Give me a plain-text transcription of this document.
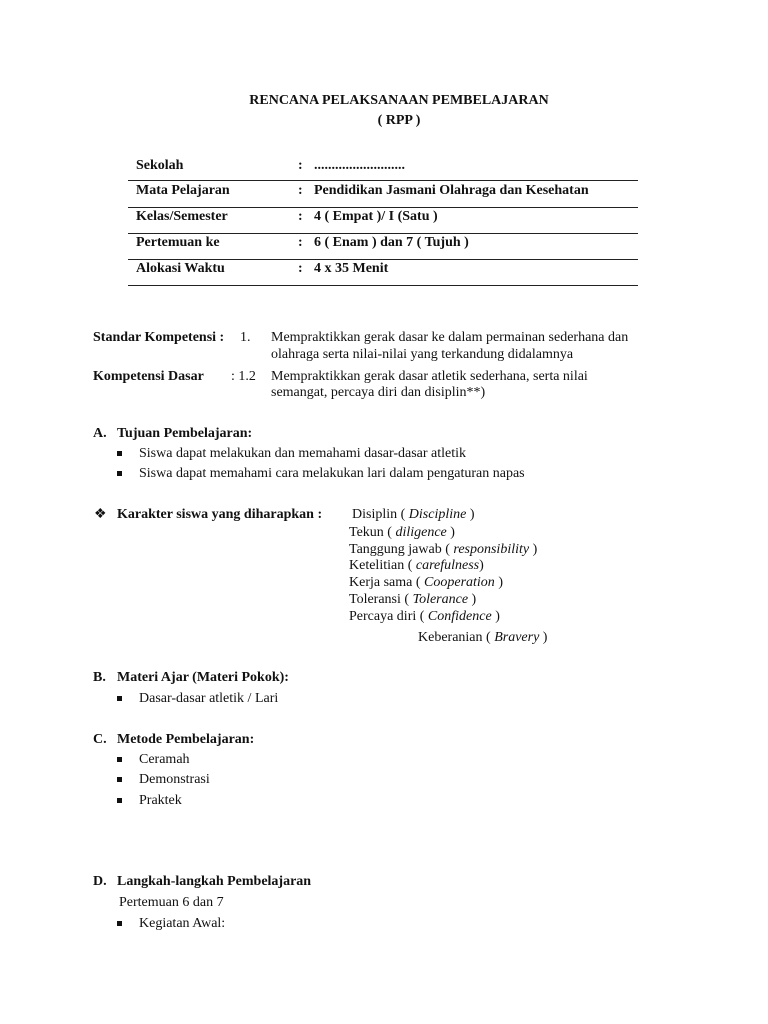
RENCANA PELAKSANAAN PEMBELAJARAN
( RPP )
Sekolah	: ..........................
Mata Pelajaran	: Pendidikan Jasmani Olahraga dan Kesehatan
Kelas/Semester	: 4 ( Empat )/ I (Satu )
Pertemuan ke	: 6 ( Enam ) dan 7 ( Tujuh )
Alokasi Waktu	: 4 x 35 Menit
Standar Kompetensi : 1. Mempraktikkan gerak dasar ke dalam permainan sederhana dan
olahraga serta nilai-nilai yang terkandung didalamnya
Kompetensi Dasar : 1.2 Mempraktikkan gerak dasar atletik sederhana, serta nilai
semangat, percaya diri dan disiplin**)
A. Tujuan Pembelajaran:
Siswa dapat melakukan dan memahami dasar-dasar atletik
Siswa dapat memahami cara melakukan lari dalam pengaturan napas
❖ Karakter siswa yang diharapkan : Disiplin ( Discipline )
Tekun ( diligence )
Tanggung jawab ( responsibility )
Ketelitian ( carefulness)
Kerja sama ( Cooperation )
Toleransi ( Tolerance )
Percaya diri ( Confidence )
Keberanian ( Bravery )
B. Materi Ajar (Materi Pokok):
Dasar-dasar atletik / Lari
C. Metode Pembelajaran:
Ceramah
Demonstrasi
Praktek
D. Langkah-langkah Pembelajaran
Pertemuan 6 dan 7
Kegiatan Awal:
